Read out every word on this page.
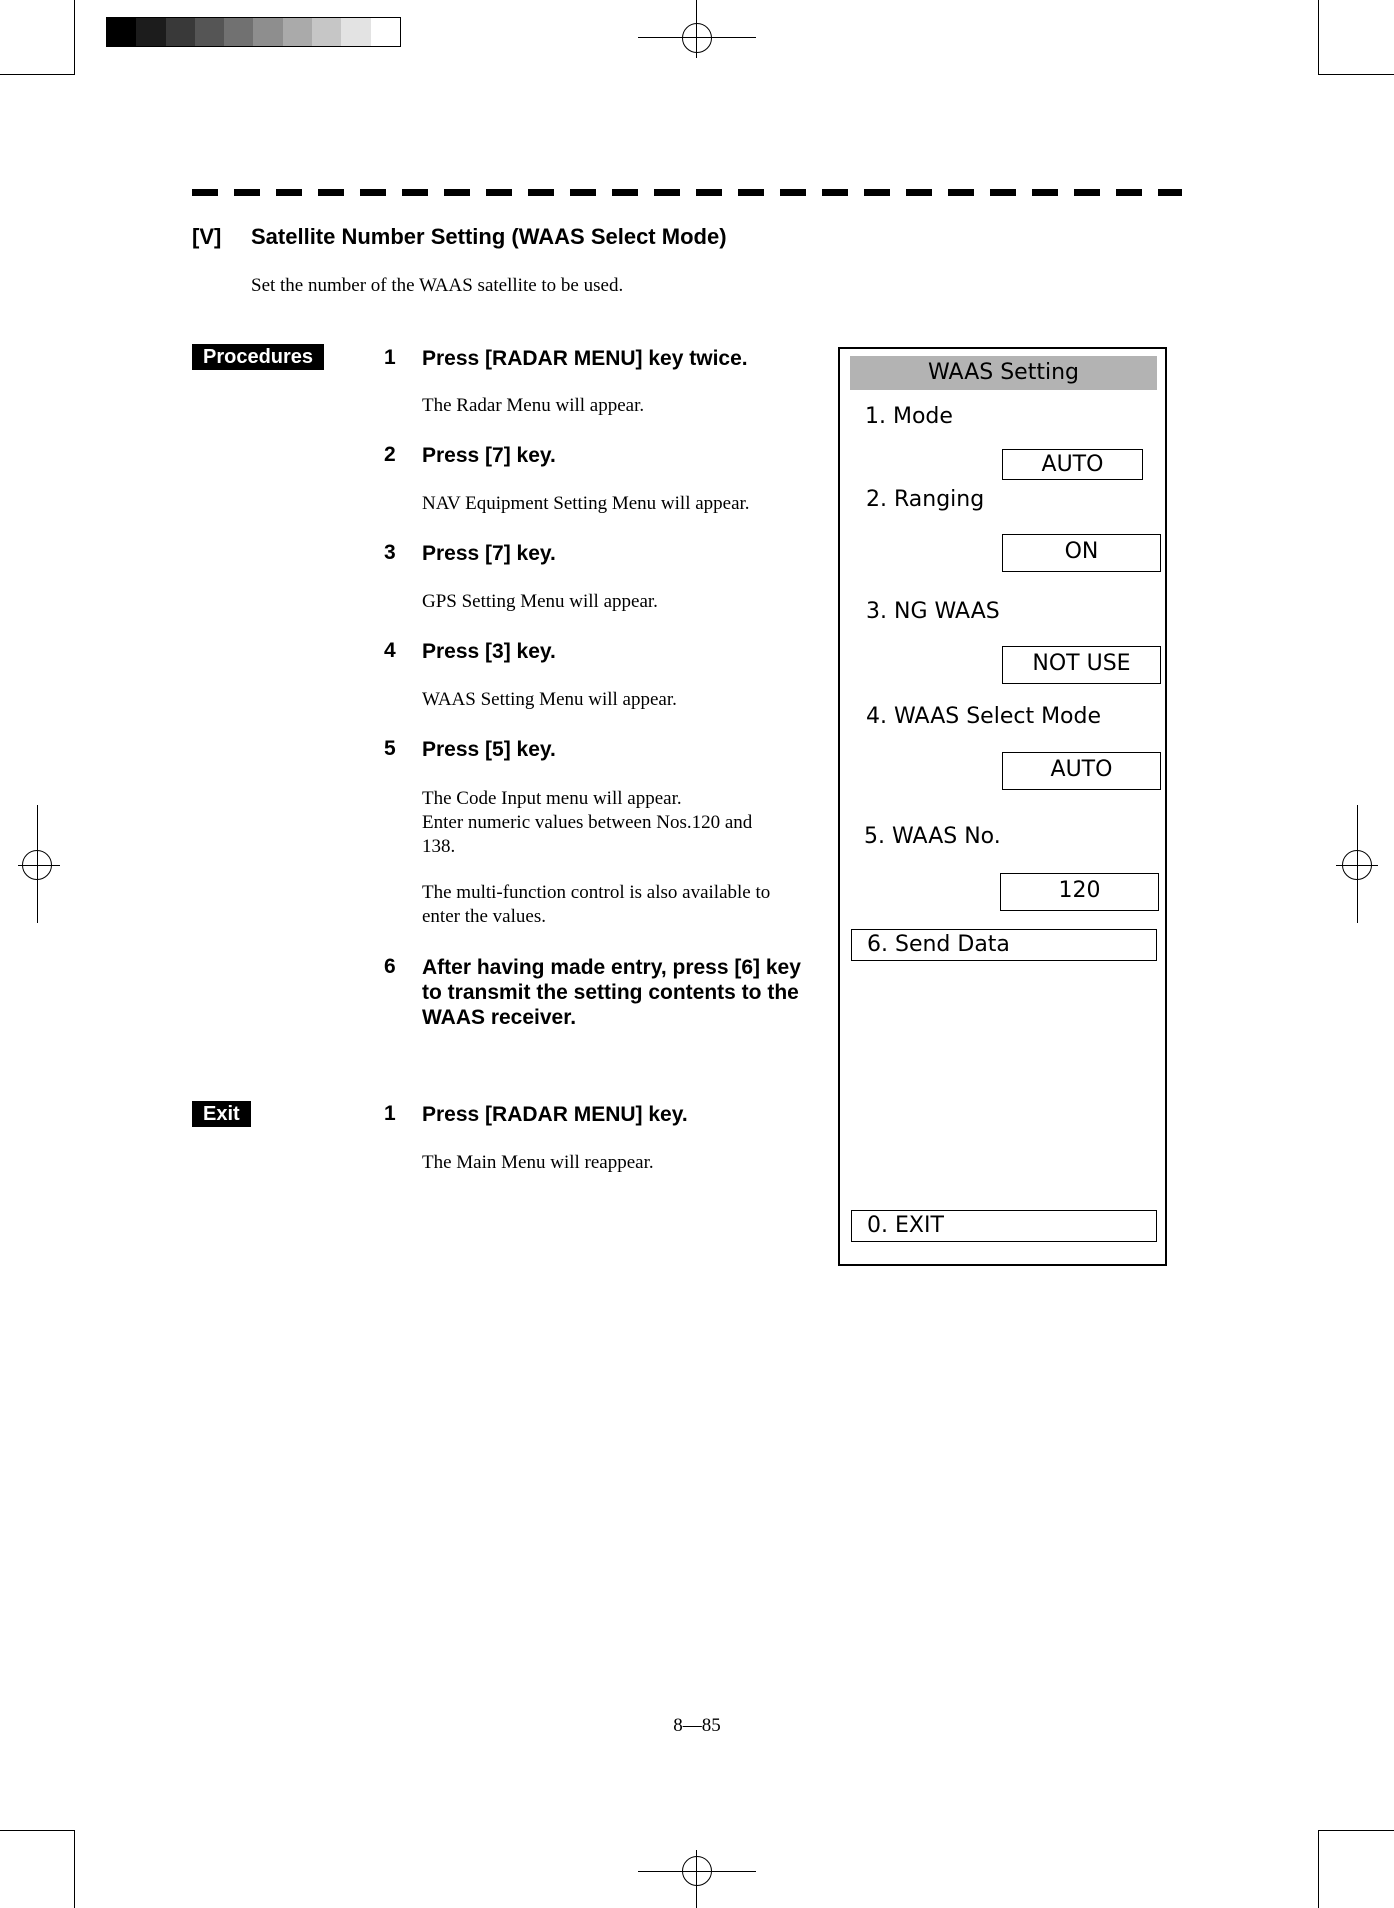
[V] Satellite Number Setting (WAAS Select Mode)
Set the number of the WAAS satellite to be used.
Procedures	1 Press [RADAR MENU] key twice.
The Radar Menu will appear.
2 Press [7] key.
NAV Equipment Setting Menu will appear.
3 Press [7] key.
GPS Setting Menu will appear.
4 Press [3] key.
WAAS Setting Menu will appear.
5 Press [5] key.
The Code Input menu will appear.
Enter numeric values between Nos.120 and
138.
The multi-function control is also available to
enter the values.
6 After having made entry, press [6] key
to transmit the setting contents to the
WAAS receiver.
Exit	1 Press [RADAR MENU] key.
The Main Menu will reappear.
WAAS Setting
1. Mode
AUTO
2. Ranging
ON
3. NG WAAS
NOT USE
4. WAAS Select Mode
AUTO
5. WAAS No.
120
6. Send Data
0. EXIT
8—85
